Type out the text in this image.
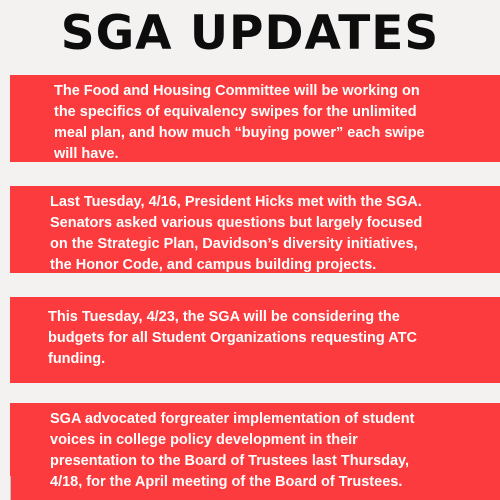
SGA UPDATES

The Food and Housing Committee will be working on

the specifics of equivalency swipes for the unlimited

meal plan, and how much “buying power” each swipe

will have.

Last Tuesday, 4/16, President Hicks met with the SGA.

Senators asked various questions but largely focused

on the Strategic Plan, Davidson’s diversity initiatives,

the Honor Code, and campus building projects.

This Tuesday, 4/23, the SGA will be considering the

budgets for all Student Organizations requesting ATC

funding.

SGA advocated forgreater implementation of student

voices in college policy development in their

presentation to the Board of Trustees last Thursday,

4/18, for the April meeting of the Board of Trustees.
